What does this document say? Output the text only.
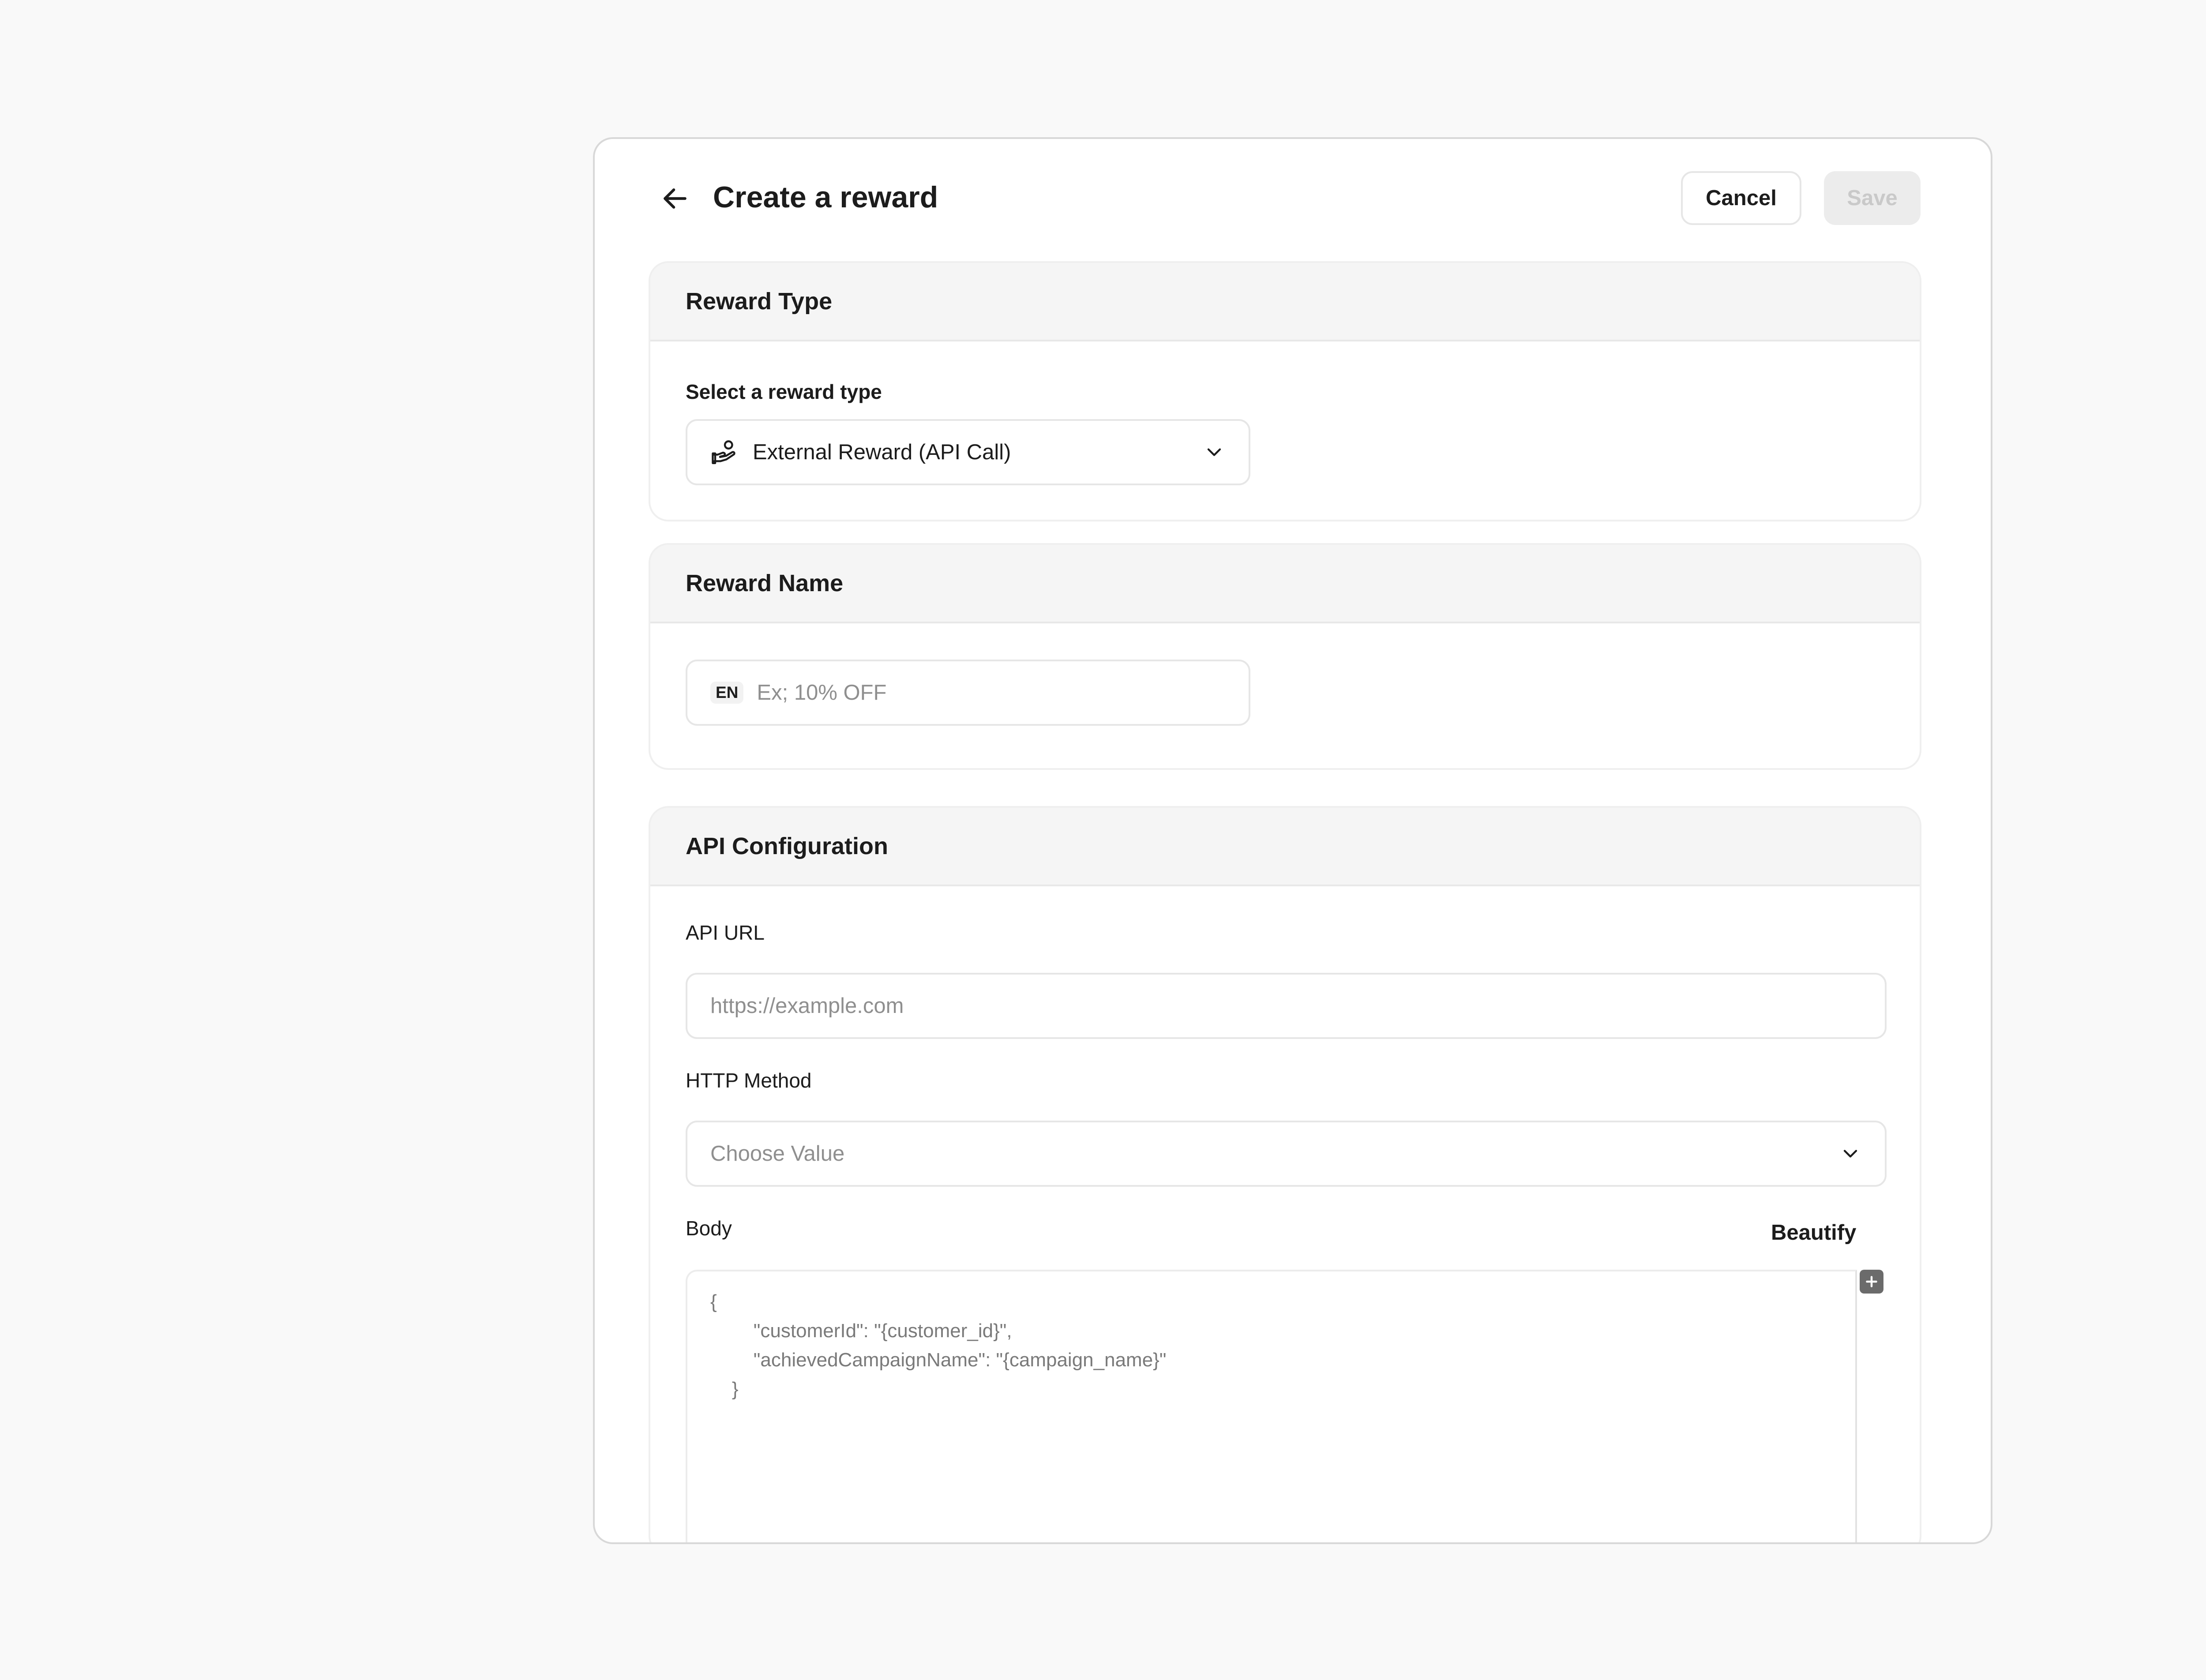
Create a reward	Cancel	Save
Reward Type
Select a reward type
External Reward (API Call)
Reward Name
EN Ex; 10% OFF
API Configuration
API URL
https://example.com
HTTP Method
Choose Value
Body	Beautify
{
"customerId": "{customer_id}",
"achievedCampaignName": "{campaign_name}"
}
